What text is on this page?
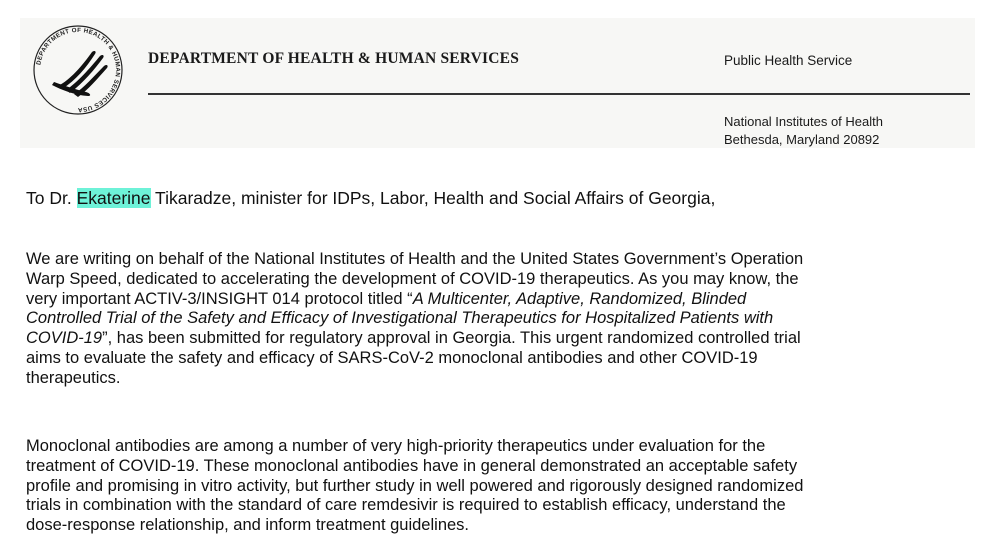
DEPARTMENT OF HEALTH & HUMAN SERVICES USA
DEPARTMENT OF HEALTH & HUMAN SERVICES	Public Health Service
National Institutes of Health
Bethesda, Maryland 20892
To Dr. Ekaterine Tikaradze, minister for IDPs, Labor, Health and Social Affairs of Georgia,
We are writing on behalf of the National Institutes of Health and the United States Government’s Operation
Warp Speed, dedicated to accelerating the development of COVID-19 therapeutics. As you may know, the
very important ACTIV-3/INSIGHT 014 protocol titled “A Multicenter, Adaptive, Randomized, Blinded
Controlled Trial of the Safety and Efficacy of Investigational Therapeutics for Hospitalized Patients with
COVID-19”, has been submitted for regulatory approval in Georgia. This urgent randomized controlled trial
aims to evaluate the safety and efficacy of SARS-CoV-2 monoclonal antibodies and other COVID-19
therapeutics.
Monoclonal antibodies are among a number of very high-priority therapeutics under evaluation for the
treatment of COVID-19. These monoclonal antibodies have in general demonstrated an acceptable safety
profile and promising in vitro activity, but further study in well powered and rigorously designed randomized
trials in combination with the standard of care remdesivir is required to establish efficacy, understand the
dose-response relationship, and inform treatment guidelines.
